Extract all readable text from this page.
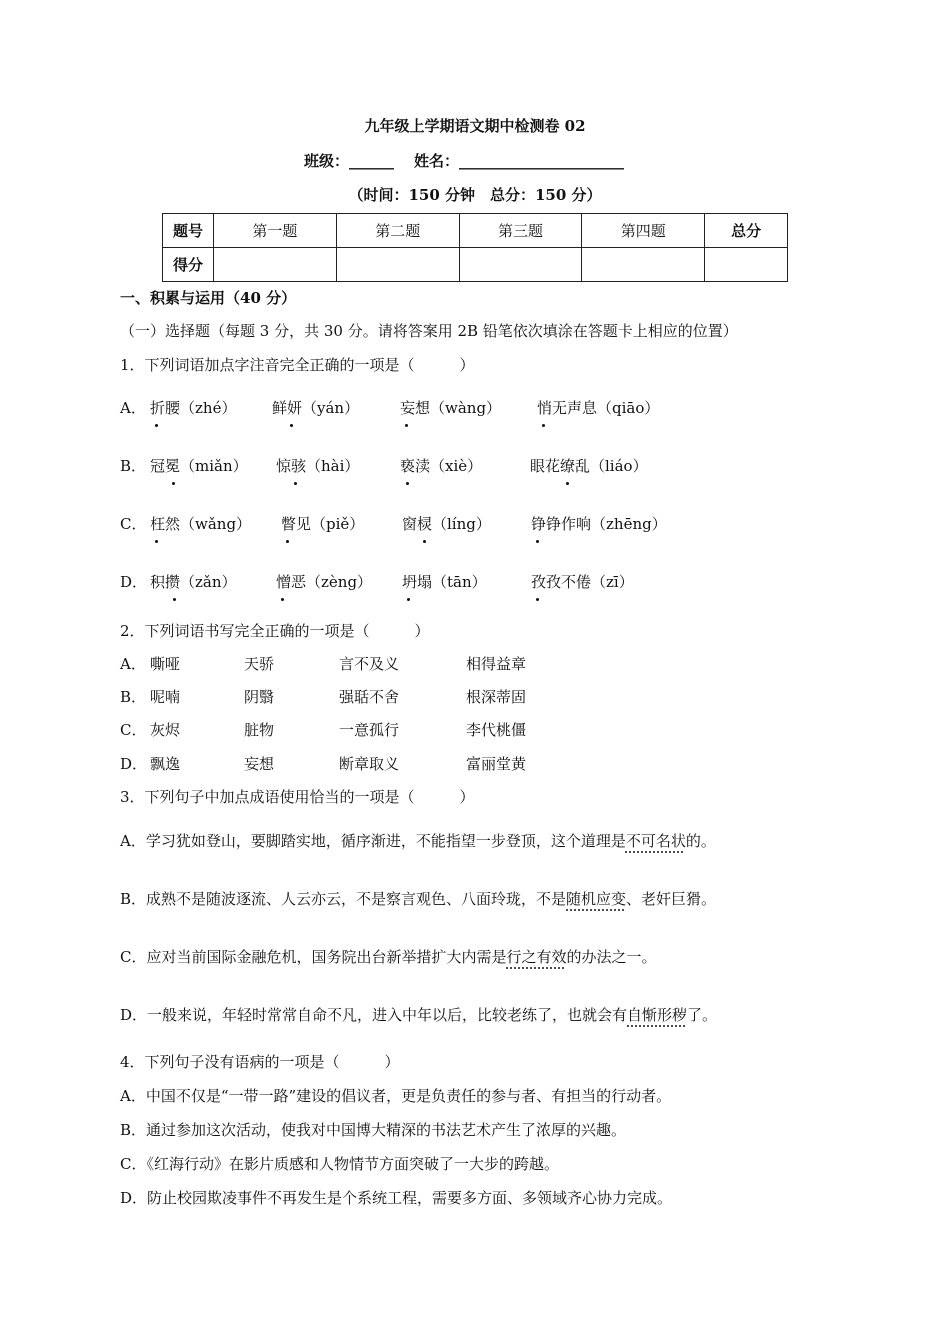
九年级上学期语文期中检测卷 02
班级：______ 姓名：______________________
（时间：150 分钟　总分：150 分）
题号	第一题	第二题	第三题	第四题	总分
得分					
一、积累与运用（40 分）
（一）选择题（每题 3 分，共 30 分。请将答案用 2B 铅笔依次填涂在答题卡上相应的位置）
1．下列词语加点字注音完全正确的一项是（　　　）
A． 折腰（zhé） 鲜妍（yán）	妄想（wàng） 悄无声息（qiāo）
B． 冠冕（miǎn） 惊骇（hài）	亵渎（xiè）	眼花缭乱（liáo）
C． 枉然（wǎng） 瞥见（piě）	窗棂（líng）	铮铮作响（zhēng）
D． 积攒（zǎn）	憎恶（zèng） 坍塌（tān）	孜孜不倦（zī）
2．下列词语书写完全正确的一项是（　　　）
A． 嘶哑	天骄	言不及义	相得益章
B． 呢喃	阴翳	强聒不舍	根深蒂固
C． 灰烬	脏物	一意孤行	李代桃僵
D． 飘逸	妄想	断章取义	富丽堂黄
3．下列句子中加点成语使用恰当的一项是（　　　）
A．学习犹如登山，要脚踏实地，循序渐进，不能指望一步登顶，这个道理是不可名状的。
B．成熟不是随波逐流、人云亦云，不是察言观色、八面玲珑，不是随机应变、老奸巨猾。
C．应对当前国际金融危机，国务院出台新举措扩大内需是行之有效的办法之一。
D．一般来说，年轻时常常自命不凡，进入中年以后，比较老练了，也就会有自惭形秽了。
4．下列句子没有语病的一项是（　　　）
A．中国不仅是“一带一路”建设的倡议者，更是负责任的参与者、有担当的行动者。
B．通过参加这次活动，使我对中国博大精深的书法艺术产生了浓厚的兴趣。
C．《红海行动》在影片质感和人物情节方面突破了一大步的跨越。
D．防止校园欺凌事件不再发生是个系统工程，需要多方面、多领域齐心协力完成。
